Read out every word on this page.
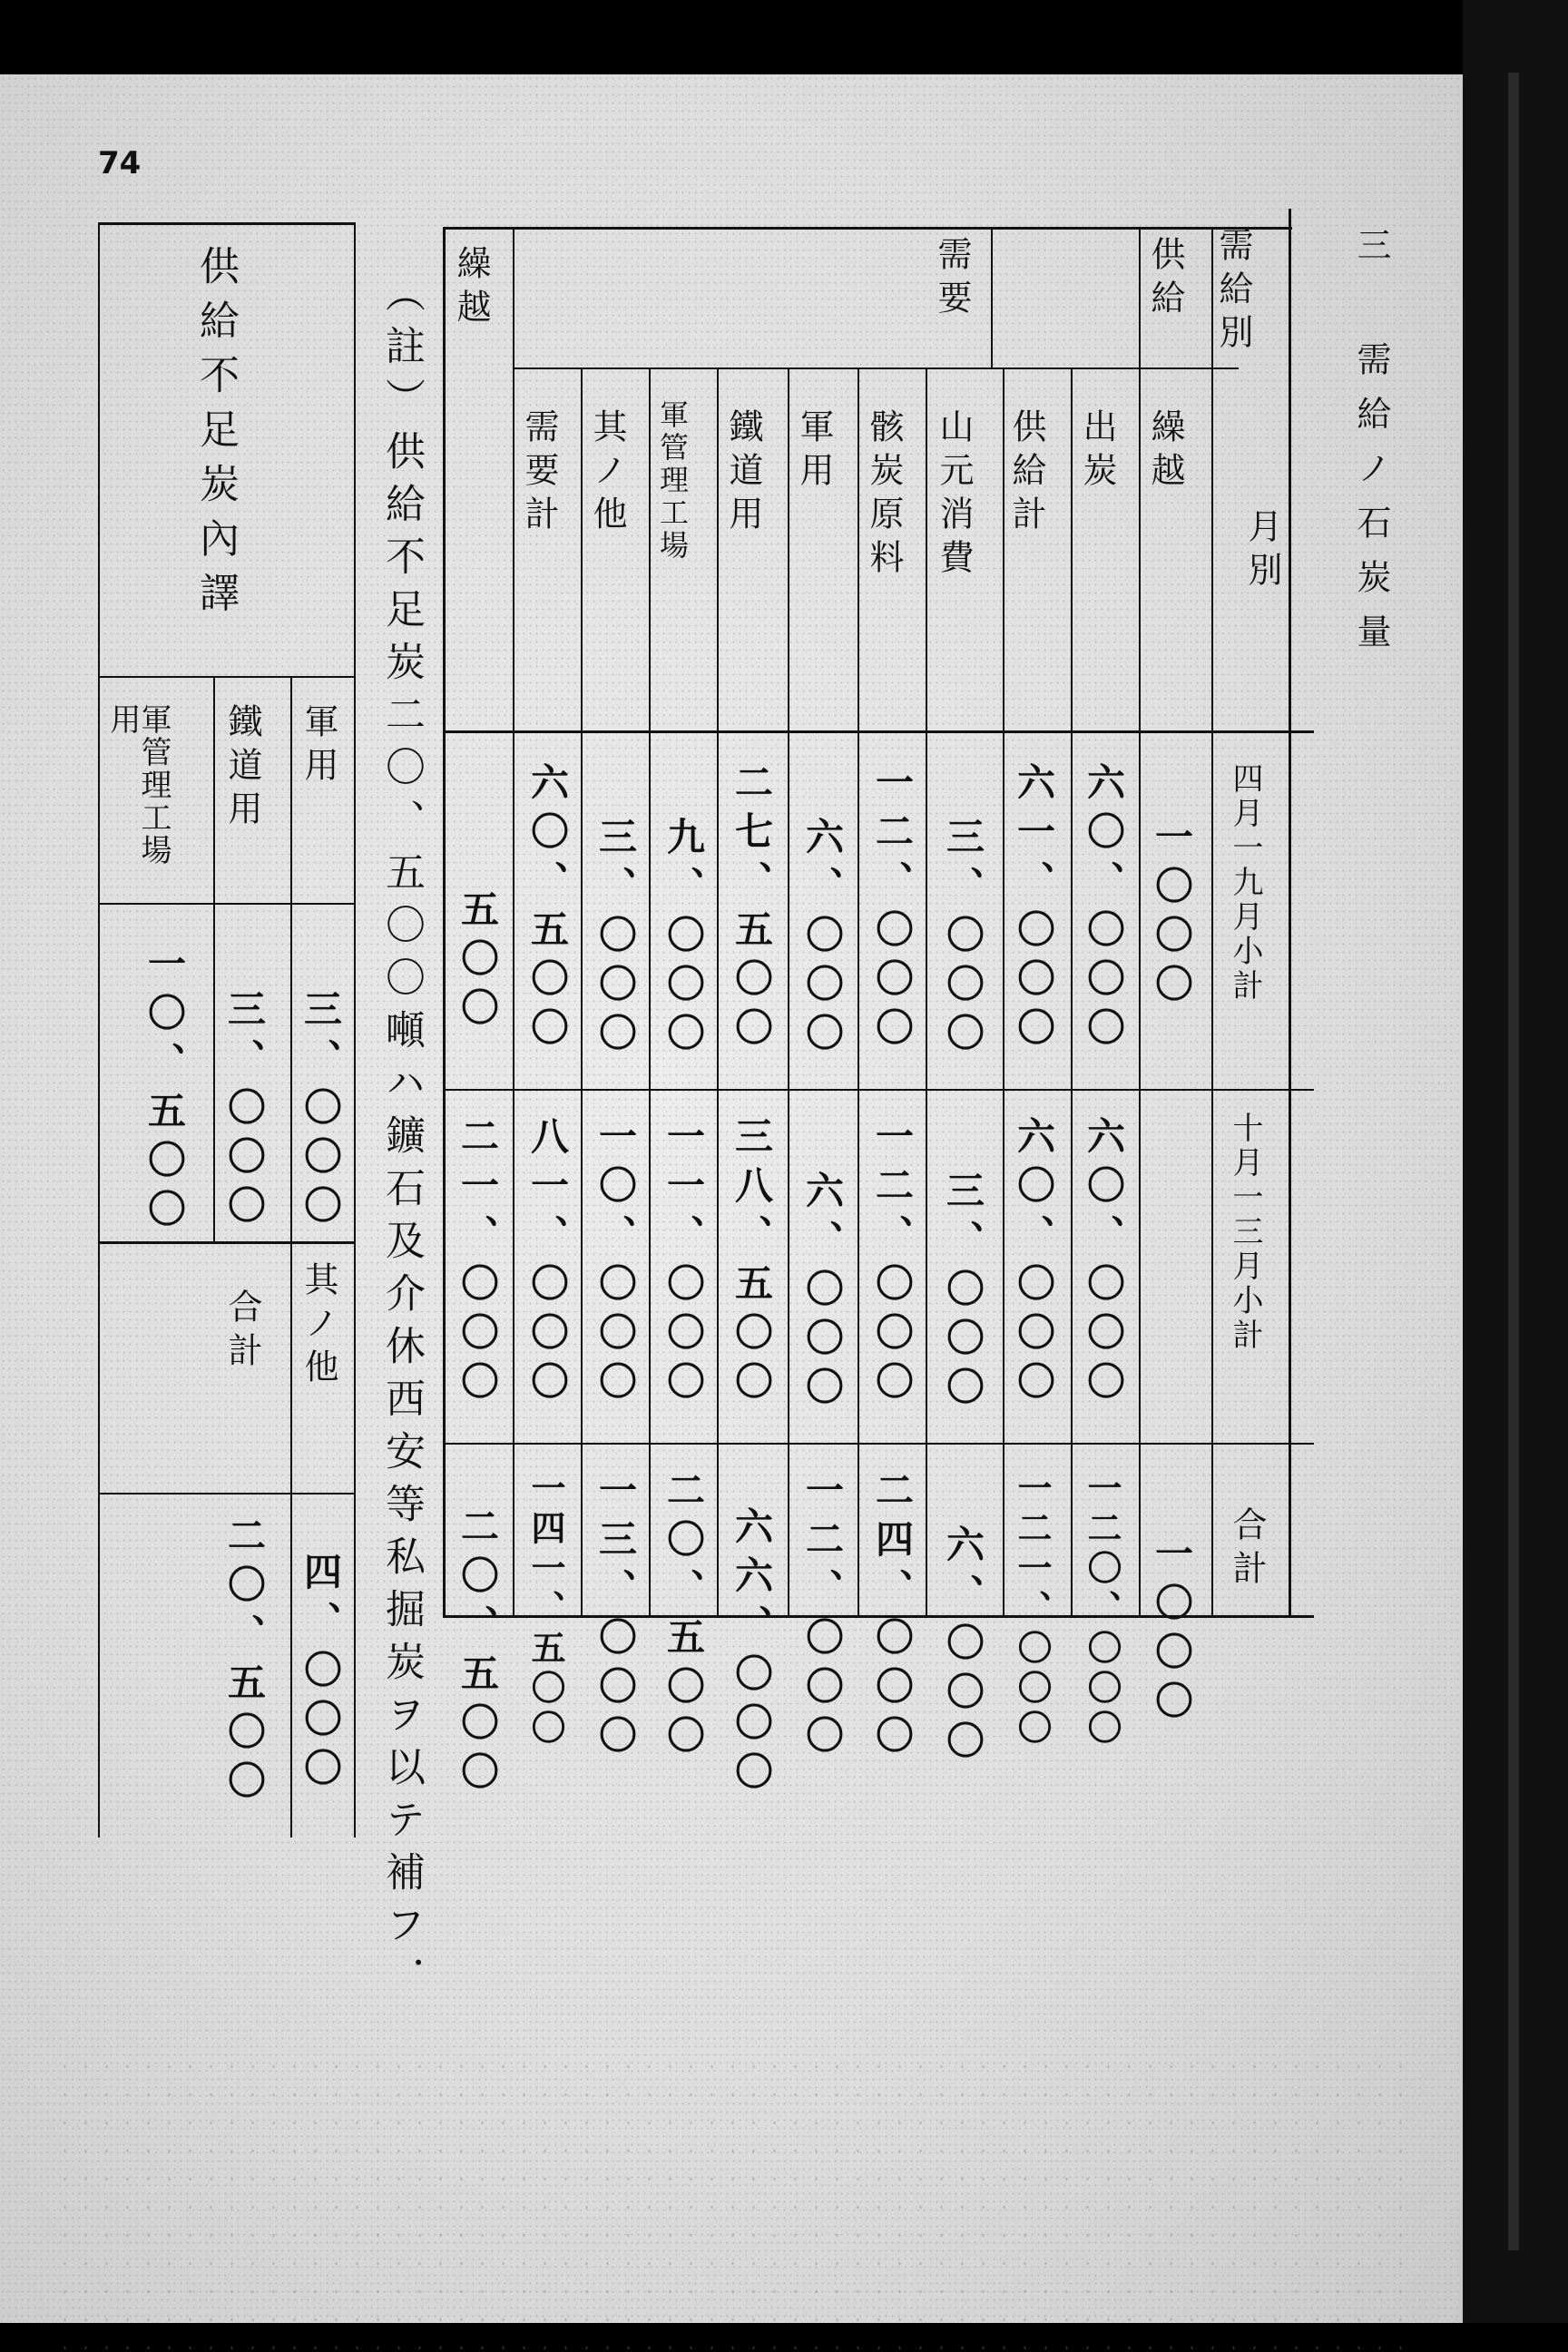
74
三 需給ノ石炭量
需給別
月別
供給
需要
繰越
出炭
供給計
山元消費
骸炭原料
軍用
鐵道用
軍管理工場
其ノ他
需要計
繰越
四月一九月小計
十月一三月小計
合計
一〇〇〇
六〇、〇〇〇
六一、〇〇〇
三、〇〇〇
一二、〇〇〇
六、〇〇〇
二七、五〇〇
九、〇〇〇
三、〇〇〇
六〇、五〇〇
五〇〇
六〇、〇〇〇
六〇、〇〇〇
三、〇〇〇
一二、〇〇〇
六、〇〇〇
三八、五〇〇
一一、〇〇〇
一〇、〇〇〇
八一、〇〇〇
二一、〇〇〇
一〇〇〇
一二〇、〇〇〇
一二一、〇〇〇
六、〇〇〇
二四、〇〇〇
一二、〇〇〇
六六、〇〇〇
二〇、五〇〇
一三、〇〇〇
一四一、五〇〇
二〇、五〇〇
（註）供給不足炭二〇、五〇〇噸ハ鑛石及介休西安等私掘炭ヲ以テ補フ．
供給不足炭內譯
軍用
鐵道用
軍管理工場用
其ノ他
合計
三、〇〇〇
三、〇〇〇
一〇、五〇〇
四、〇〇〇
二〇、五〇〇
